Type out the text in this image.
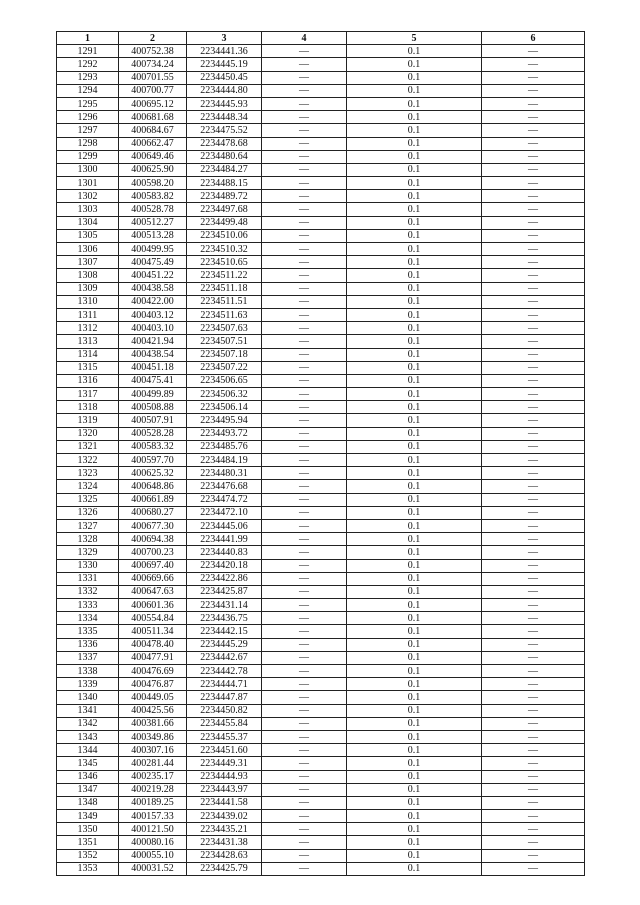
1	2	3	4	5	6
1291	400752.38	2234441.36	—	0.1	—
1292	400734.24	2234445.19	—	0.1	—
1293	400701.55	2234450.45	—	0.1	—
1294	400700.77	2234444.80	—	0.1	—
1295	400695.12	2234445.93	—	0.1	—
1296	400681.68	2234448.34	—	0.1	—
1297	400684.67	2234475.52	—	0.1	—
1298	400662.47	2234478.68	—	0.1	—
1299	400649.46	2234480.64	—	0.1	—
1300	400625.90	2234484.27	—	0.1	—
1301	400598.20	2234488.15	—	0.1	—
1302	400583.82	2234489.72	—	0.1	—
1303	400528.78	2234497.68	—	0.1	—
1304	400512.27	2234499.48	—	0.1	—
1305	400513.28	2234510.06	—	0.1	—
1306	400499.95	2234510.32	—	0.1	—
1307	400475.49	2234510.65	—	0.1	—
1308	400451.22	2234511.22	—	0.1	—
1309	400438.58	2234511.18	—	0.1	—
1310	400422.00	2234511.51	—	0.1	—
1311	400403.12	2234511.63	—	0.1	—
1312	400403.10	2234507.63	—	0.1	—
1313	400421.94	2234507.51	—	0.1	—
1314	400438.54	2234507.18	—	0.1	—
1315	400451.18	2234507.22	—	0.1	—
1316	400475.41	2234506.65	—	0.1	—
1317	400499.89	2234506.32	—	0.1	—
1318	400508.88	2234506.14	—	0.1	—
1319	400507.91	2234495.94	—	0.1	—
1320	400528.28	2234493.72	—	0.1	—
1321	400583.32	2234485.76	—	0.1	—
1322	400597.70	2234484.19	—	0.1	—
1323	400625.32	2234480.31	—	0.1	—
1324	400648.86	2234476.68	—	0.1	—
1325	400661.89	2234474.72	—	0.1	—
1326	400680.27	2234472.10	—	0.1	—
1327	400677.30	2234445.06	—	0.1	—
1328	400694.38	2234441.99	—	0.1	—
1329	400700.23	2234440.83	—	0.1	—
1330	400697.40	2234420.18	—	0.1	—
1331	400669.66	2234422.86	—	0.1	—
1332	400647.63	2234425.87	—	0.1	—
1333	400601.36	2234431.14	—	0.1	—
1334	400554.84	2234436.75	—	0.1	—
1335	400511.34	2234442.15	—	0.1	—
1336	400478.40	2234445.29	—	0.1	—
1337	400477.91	2234442.67	—	0.1	—
1338	400476.69	2234442.78	—	0.1	—
1339	400476.87	2234444.71	—	0.1	—
1340	400449.05	2234447.87	—	0.1	—
1341	400425.56	2234450.82	—	0.1	—
1342	400381.66	2234455.84	—	0.1	—
1343	400349.86	2234455.37	—	0.1	—
1344	400307.16	2234451.60	—	0.1	—
1345	400281.44	2234449.31	—	0.1	—
1346	400235.17	2234444.93	—	0.1	—
1347	400219.28	2234443.97	—	0.1	—
1348	400189.25	2234441.58	—	0.1	—
1349	400157.33	2234439.02	—	0.1	—
1350	400121.50	2234435.21	—	0.1	—
1351	400080.16	2234431.38	—	0.1	—
1352	400055.10	2234428.63	—	0.1	—
1353	400031.52	2234425.79	—	0.1	—
